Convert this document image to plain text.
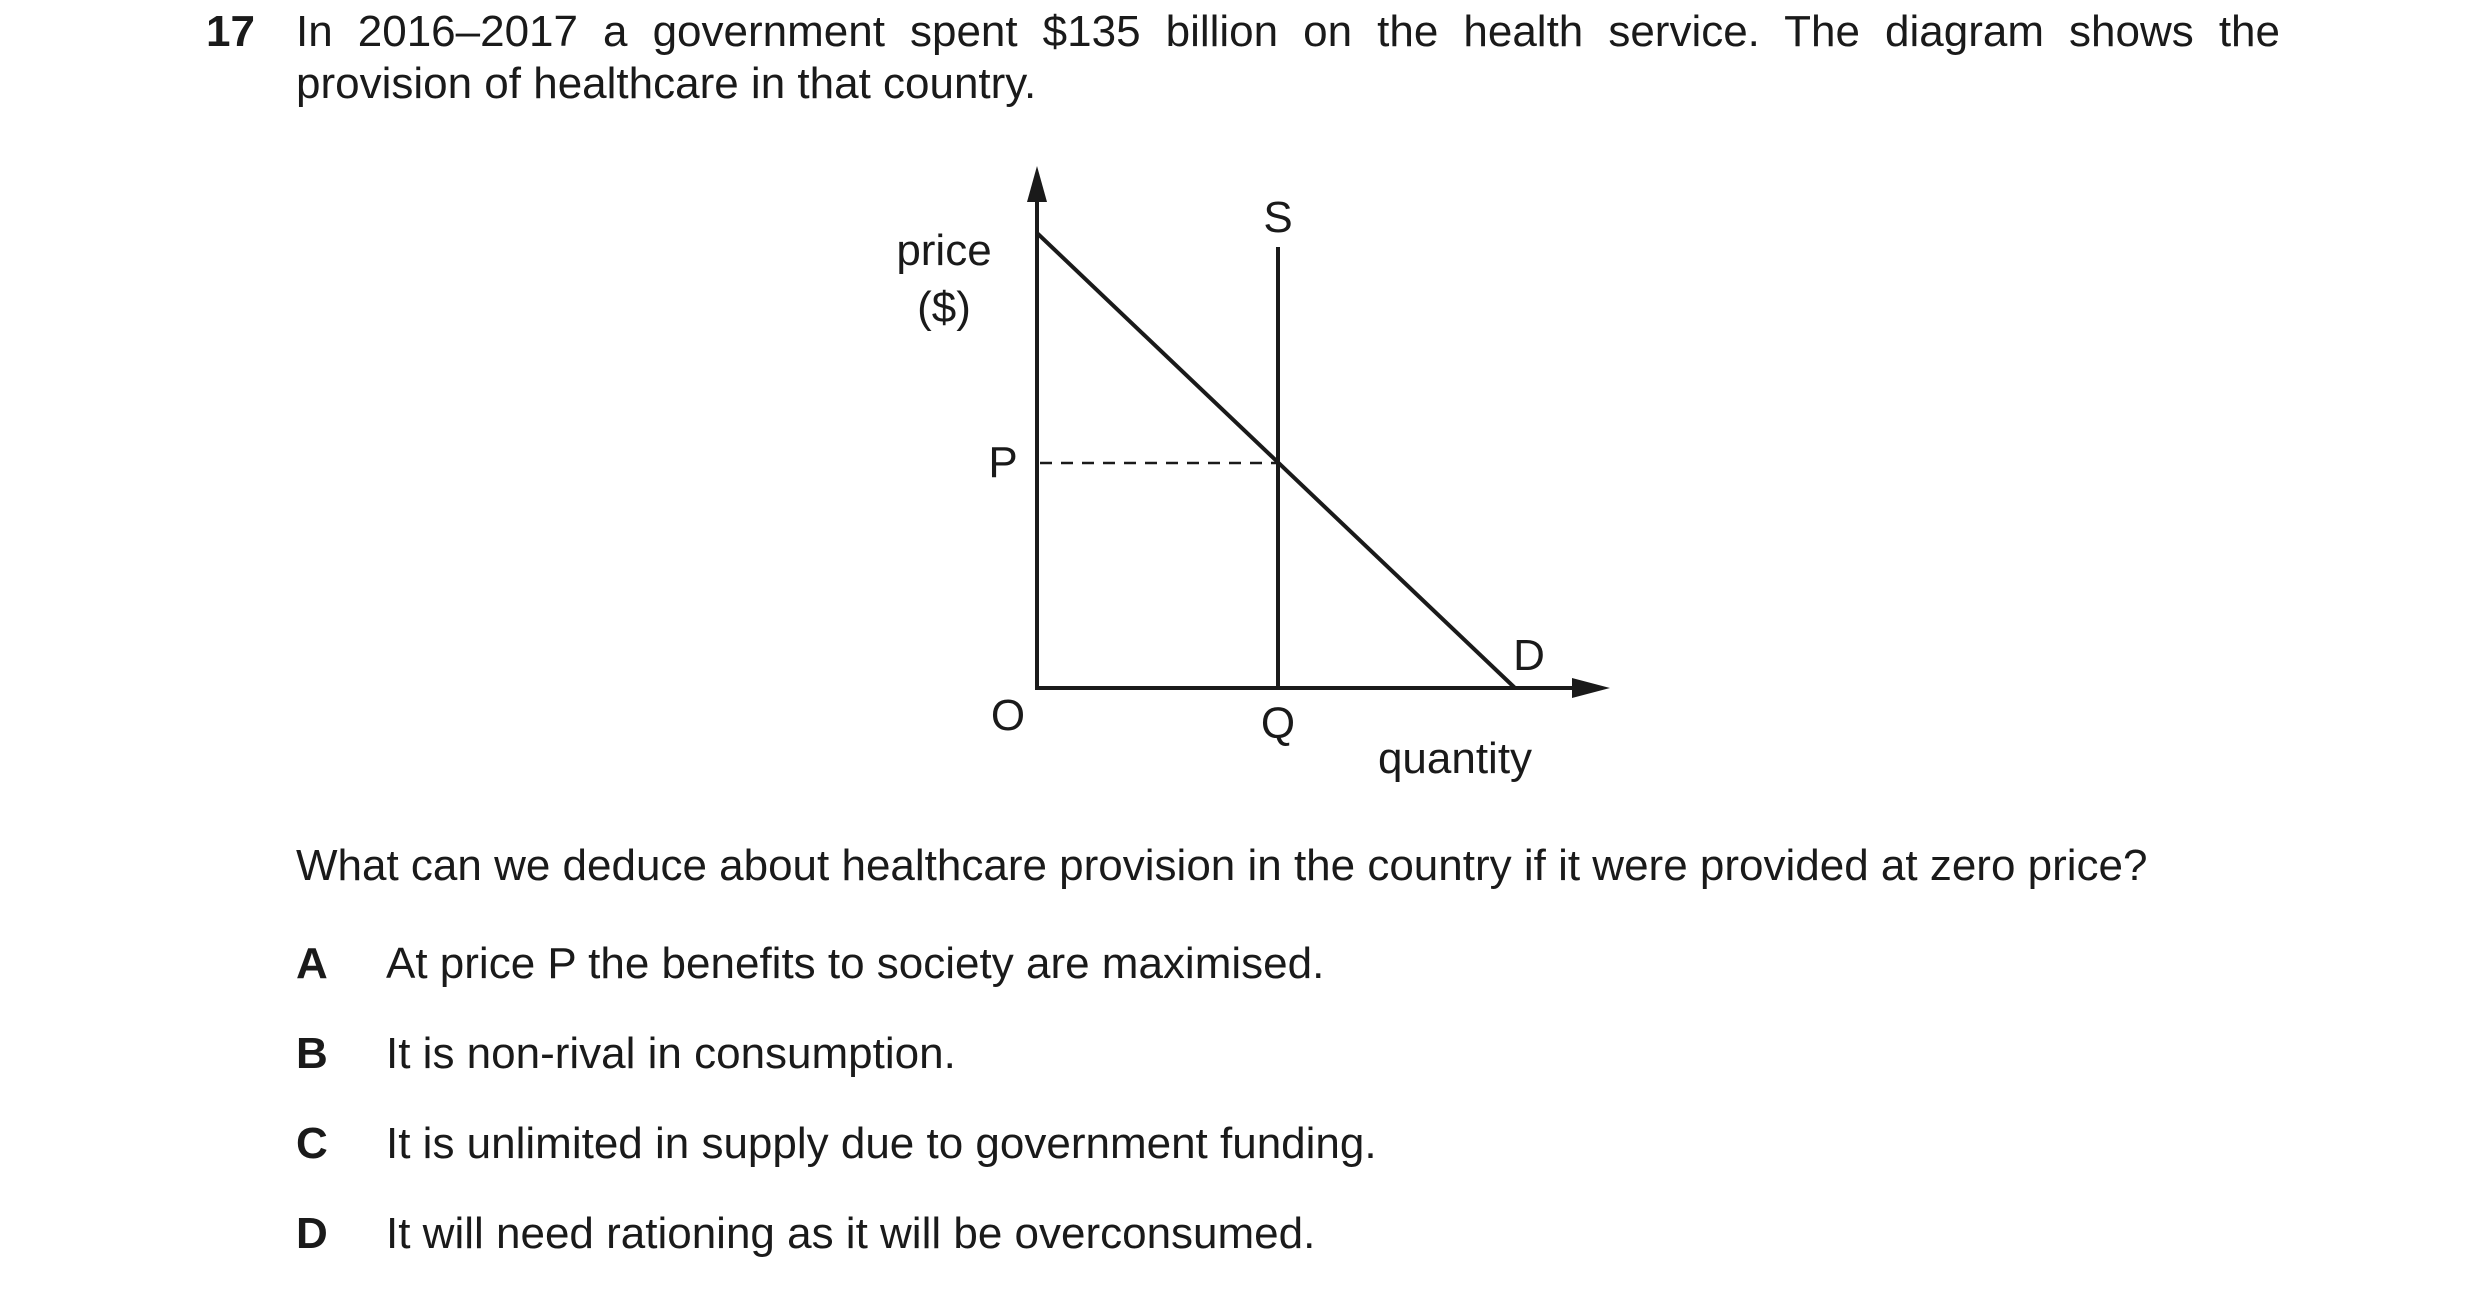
17 In 2016–2017 a government spent $135 billion on the health service. The diagram shows the provision of healthcare in that country.
price
($)
S
P
D
O	Q
quantity
What can we deduce about healthcare provision in the country if it were provided at zero price?
A At price P the benefits to society are maximised.
B It is non-rival in consumption.
C It is unlimited in supply due to government funding.
D It will need rationing as it will be overconsumed.
